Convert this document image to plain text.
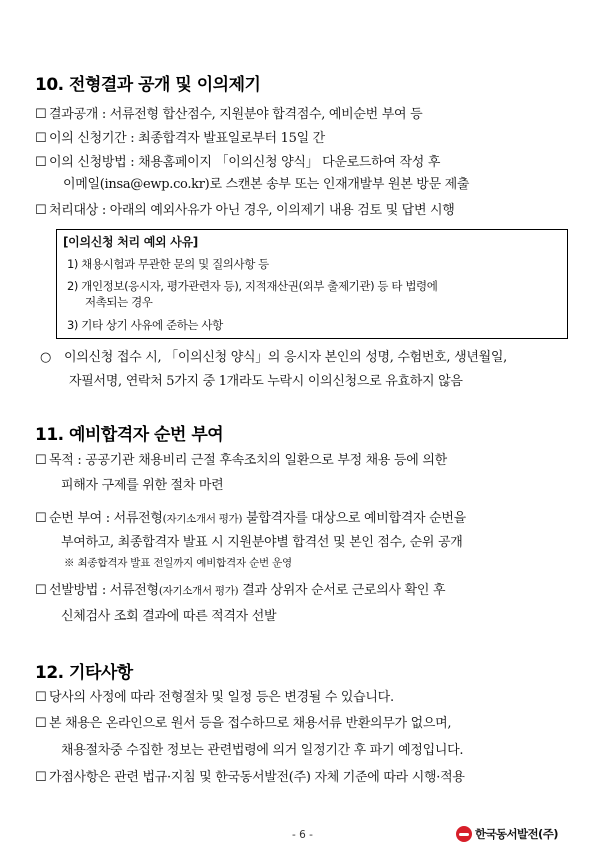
10. 전형결과 공개 및 이의제기
☐ 결과공개 : 서류전형 합산점수, 지원분야 합격점수, 예비순번 부여 등
☐ 이의 신청기간 : 최종합격자 발표일로부터 15일 간
☐ 이의 신청방법 : 채용홈페이지 「이의신청 양식」 다운로드하여 작성 후
이메일(insa@ewp.co.kr)로 스캔본 송부 또는 인재개발부 원본 방문 제출
☐ 처리대상 : 아래의 예외사유가 아닌 경우, 이의제기 내용 검토 및 답변 시행
[이의신청 처리 예외 사유]
1) 채용시험과 무관한 문의 및 질의사항 등
2) 개인정보(응시자, 평가관련자 등), 지적재산권(외부 출제기관) 등 타 법령에
저촉되는 경우
3) 기타 상기 사유에 준하는 사항
○ 이의신청 접수 시, 「이의신청 양식」의 응시자 본인의 성명, 수험번호, 생년월일,
자필서명, 연락처 5가지 중 1개라도 누락시 이의신청으로 유효하지 않음
11. 예비합격자 순번 부여
☐ 목적 : 공공기관 채용비리 근절 후속조치의 일환으로 부정 채용 등에 의한
피해자 구제를 위한 절차 마련
☐ 순번 부여 : 서류전형(자기소개서 평가) 불합격자를 대상으로 예비합격자 순번을
부여하고, 최종합격자 발표 시 지원분야별 합격선 및 본인 점수, 순위 공개
※ 최종합격자 발표 전일까지 예비합격자 순번 운영
☐ 선발방법 : 서류전형(자기소개서 평가) 결과 상위자 순서로 근로의사 확인 후
신체검사 조회 결과에 따른 적격자 선발
12. 기타사항
☐ 당사의 사정에 따라 전형절차 및 일정 등은 변경될 수 있습니다.
☐ 본 채용은 온라인으로 원서 등을 접수하므로 채용서류 반환의무가 없으며,
채용절차중 수집한 정보는 관련법령에 의거 일정기간 후 파기 예정입니다.
☐ 가점사항은 관련 법규·지침 및 한국동서발전(주) 자체 기준에 따라 시행·적용
- 6 -	한국동서발전(주)
